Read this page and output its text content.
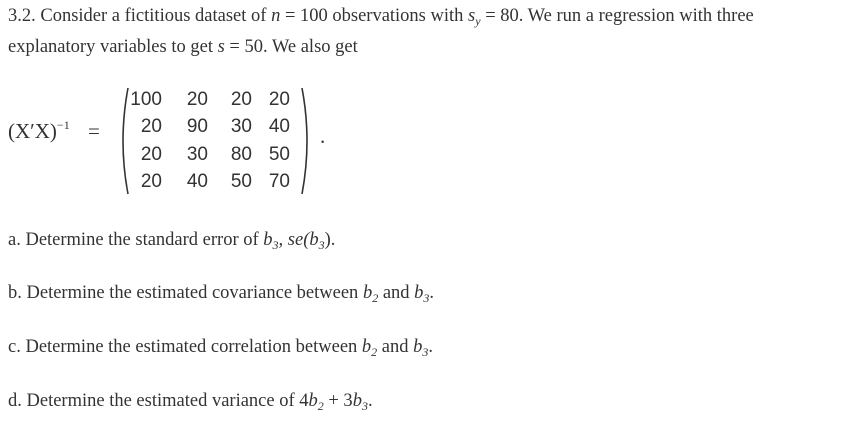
3.2. Consider a fictitious dataset of n = 100 observations with $s_y = 80$. We run a regression with three
explanatory variables to get s = 50. We also get
$(X'X)^{-1}$ =
100	20	20 20
20	90	30 40
20	30	80 50
20	40	50 70
.
a. Determine the standard error of $b_3$, $se(b_3)$.
b. Determine the estimated covariance between $b_2$ and $b_3$.
c. Determine the estimated correlation between $b_2$ and $b_3$.
d. Determine the estimated variance of $4b_2 + 3b_3$.
